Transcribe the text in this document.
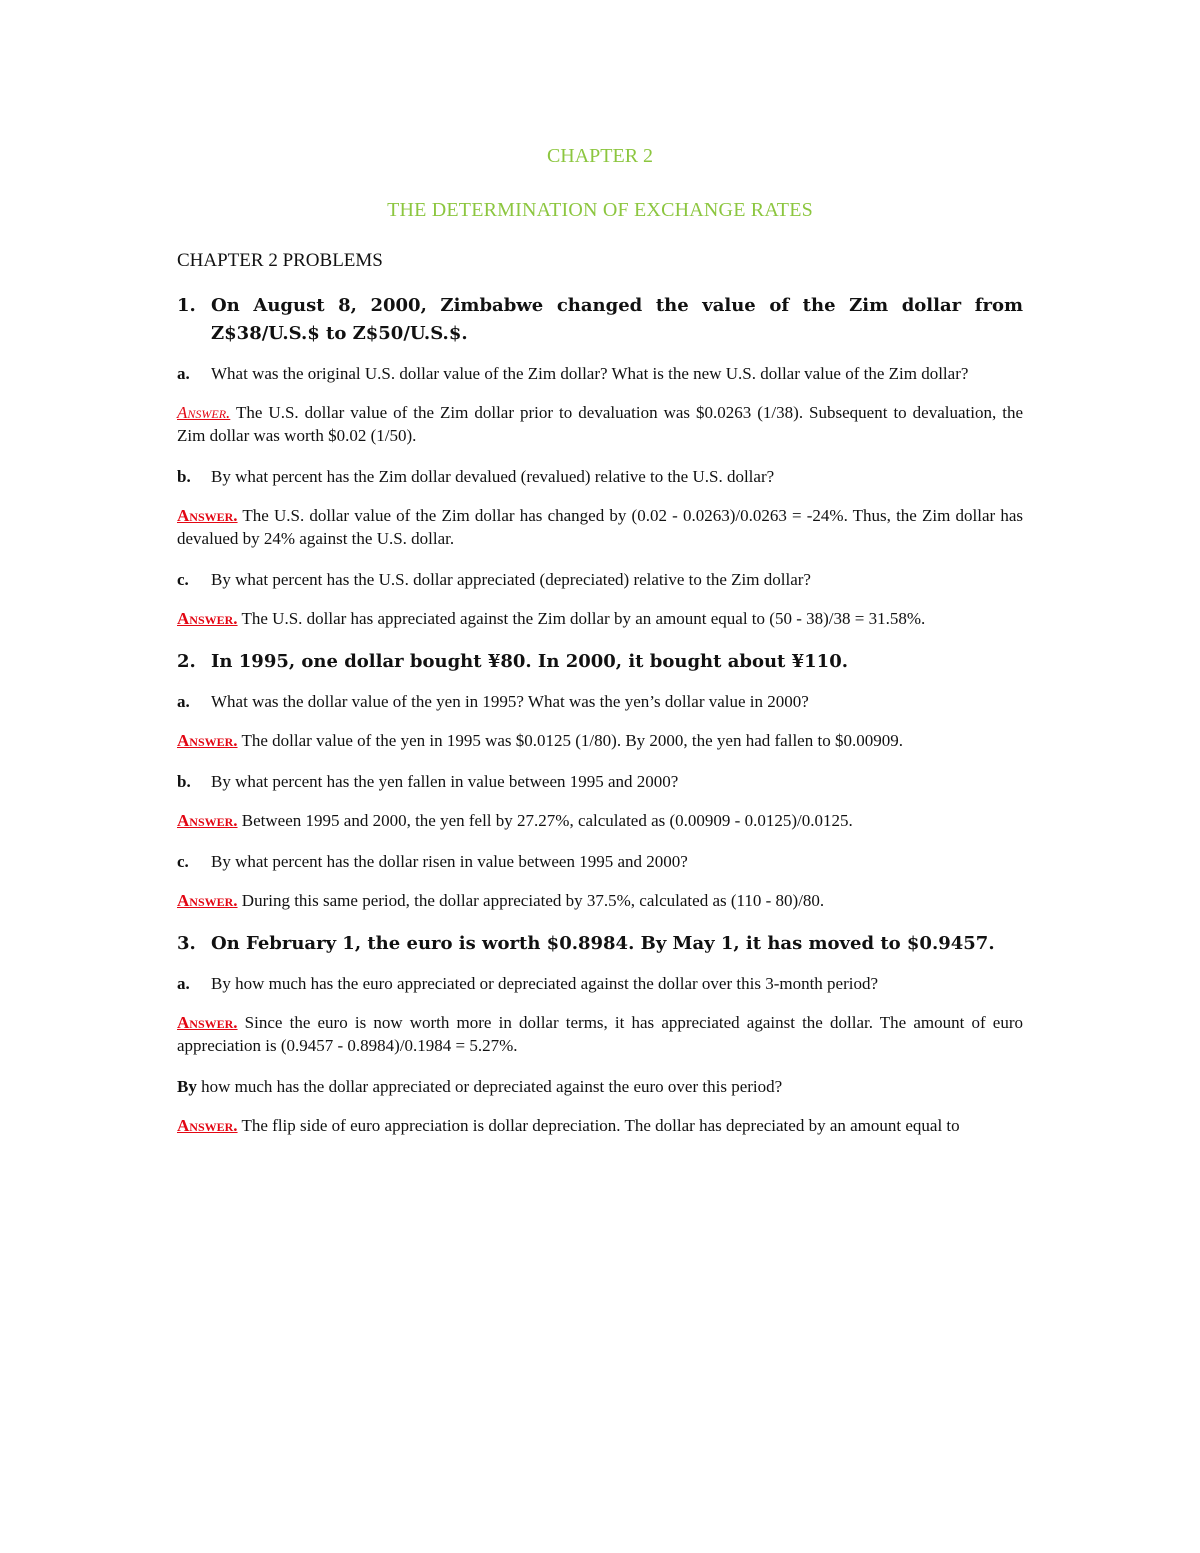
CHAPTER 2

THE DETERMINATION OF EXCHANGE RATES

CHAPTER 2 PROBLEMS

1. On August 8, 2000, Zimbabwe changed the value of the Zim dollar from Z$38/U.S.$ to Z$50/U.S.$.
a.	What was the original U.S. dollar value of the Zim dollar? What is the new U.S. dollar value of the Zim dollar?

Answer. The U.S. dollar value of the Zim dollar prior to devaluation was $0.0263 (1/38). Subsequent to devaluation, the Zim dollar was worth $0.02 (1/50).

b.	By what percent has the Zim dollar devalued (revalued) relative to the U.S. dollar?

Answer. The U.S. dollar value of the Zim dollar has changed by (0.02 - 0.0263)/0.0263 = -24%. Thus, the Zim dollar has devalued by 24% against the U.S. dollar.

c.	By what percent has the U.S. dollar appreciated (depreciated) relative to the Zim dollar?

Answer. The U.S. dollar has appreciated against the Zim dollar by an amount equal to (50 - 38)/38 = 31.58%.

2. In 1995, one dollar bought ¥80. In 2000, it bought about ¥110.
a.	What was the dollar value of the yen in 1995? What was the yen’s dollar value in 2000?

Answer. The dollar value of the yen in 1995 was $0.0125 (1/80). By 2000, the yen had fallen to $0.00909.

b.	By what percent has the yen fallen in value between 1995 and 2000?

Answer. Between 1995 and 2000, the yen fell by 27.27%, calculated as (0.00909 - 0.0125)/0.0125.

c.	By what percent has the dollar risen in value between 1995 and 2000?

Answer. During this same period, the dollar appreciated by 37.5%, calculated as (110 - 80)/80.

3. On February 1, the euro is worth $0.8984. By May 1, it has moved to $0.9457.
a.	By how much has the euro appreciated or depreciated against the dollar over this 3-month period?

Answer. Since the euro is now worth more in dollar terms, it has appreciated against the dollar. The amount of euro appreciation is (0.9457 - 0.8984)/0.1984 = 5.27%.

By how much has the dollar appreciated or depreciated against the euro over this period?

Answer. The flip side of euro appreciation is dollar depreciation. The dollar has depreciated by an amount equal to
